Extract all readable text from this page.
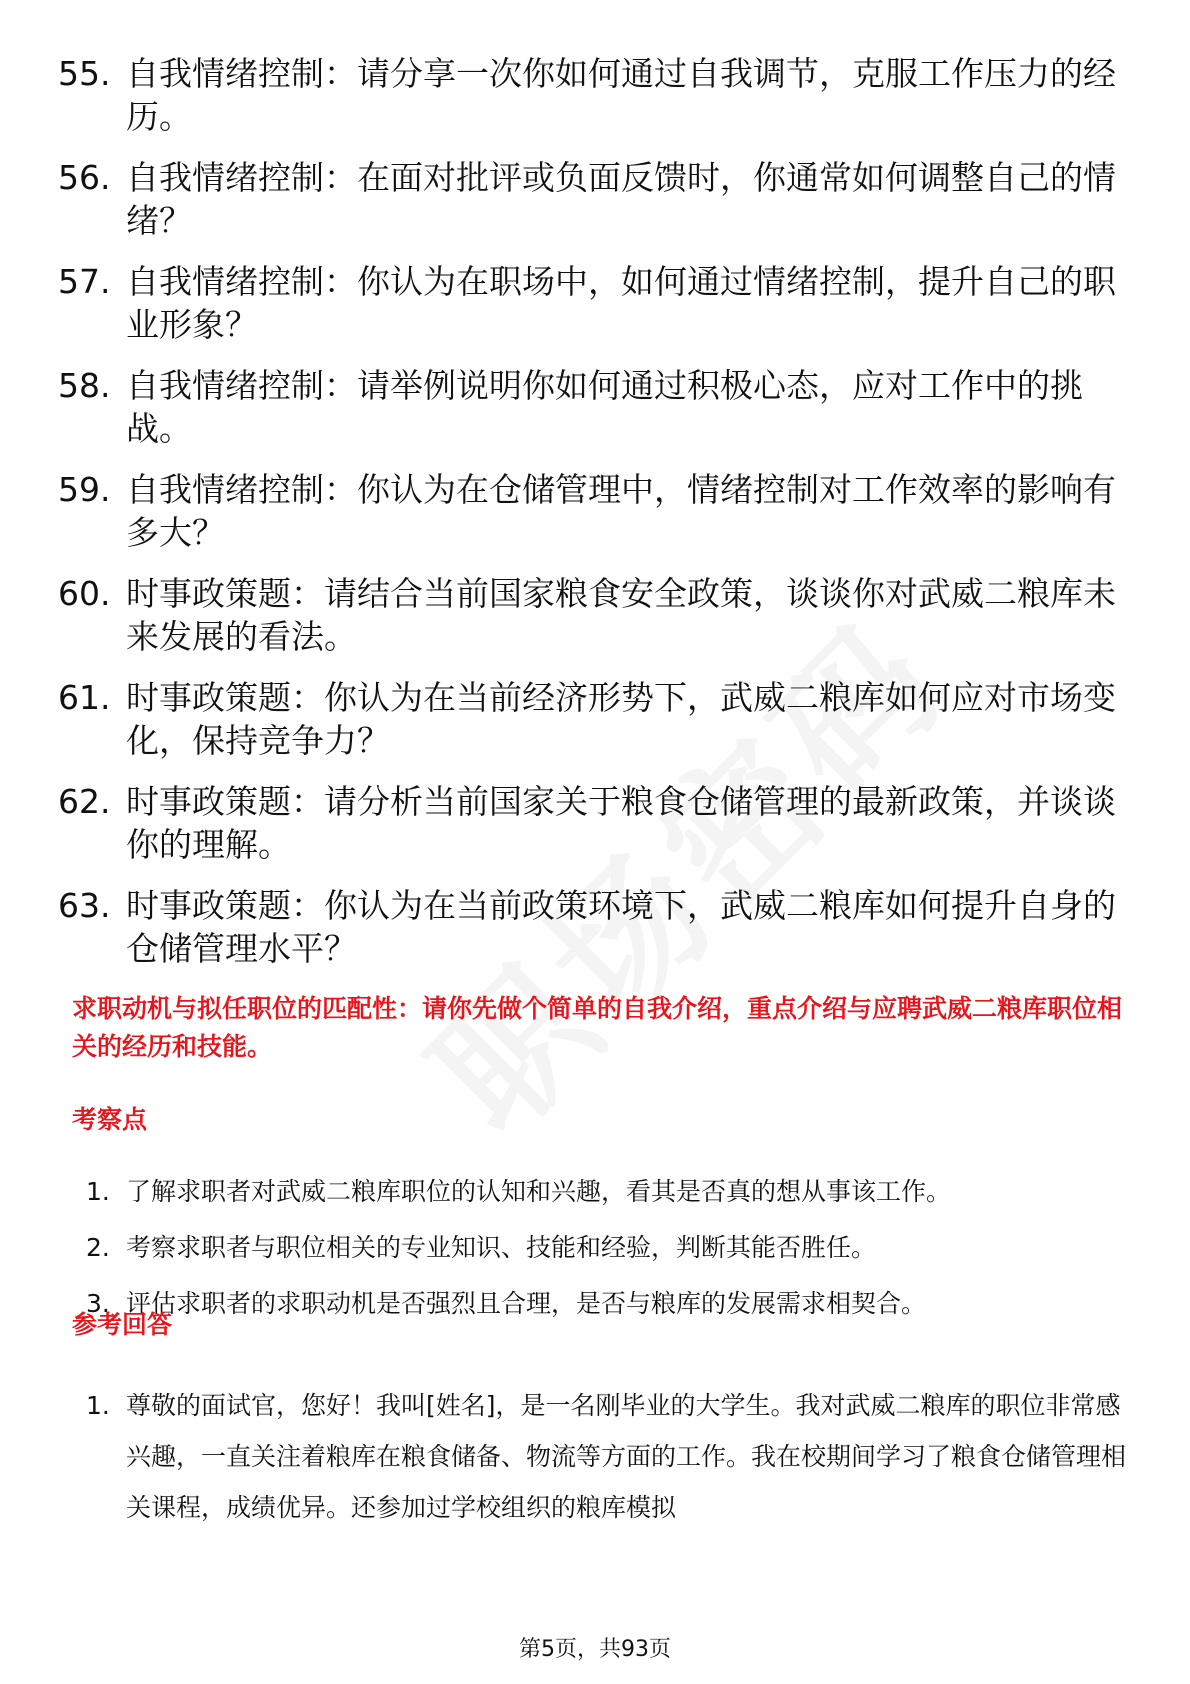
55. 自我情绪控制：请分享一次你如何通过自我调节，克服工作压力的经历。
56. 自我情绪控制：在面对批评或负面反馈时，你通常如何调整自己的情绪？
57. 自我情绪控制：你认为在职场中，如何通过情绪控制，提升自己的职业形象？
58. 自我情绪控制：请举例说明你如何通过积极心态，应对工作中的挑战。
59. 自我情绪控制：你认为在仓储管理中，情绪控制对工作效率的影响有多大？
60. 时事政策题：请结合当前国家粮食安全政策，谈谈你对武威二粮库未来发展的看法。
61. 时事政策题：你认为在当前经济形势下，武威二粮库如何应对市场变化，保持竞争力？
62. 时事政策题：请分析当前国家关于粮食仓储管理的最新政策，并谈谈你的理解。
63. 时事政策题：你认为在当前政策环境下，武威二粮库如何提升自身的仓储管理水平？
求职动机与拟任职位的匹配性：请你先做个简单的自我介绍，重点介绍与应聘武威二粮库职位相关的经历和技能。
考察点
1. 了解求职者对武威二粮库职位的认知和兴趣，看其是否真的想从事该工作。
2. 考察求职者与职位相关的专业知识、技能和经验，判断其能否胜任。
3. 评估求职者的求职动机是否强烈且合理，是否与粮库的发展需求相契合。
参考回答
1. 尊敬的面试官，您好！我叫[姓名]，是一名刚毕业的大学生。我对武威二粮库的职位非常感兴趣，一直关注着粮库在粮食储备、物流等方面的工作。我在校期间学习了粮食仓储管理相关课程，成绩优异。还参加过学校组织的粮库模拟
第5页，共93页
